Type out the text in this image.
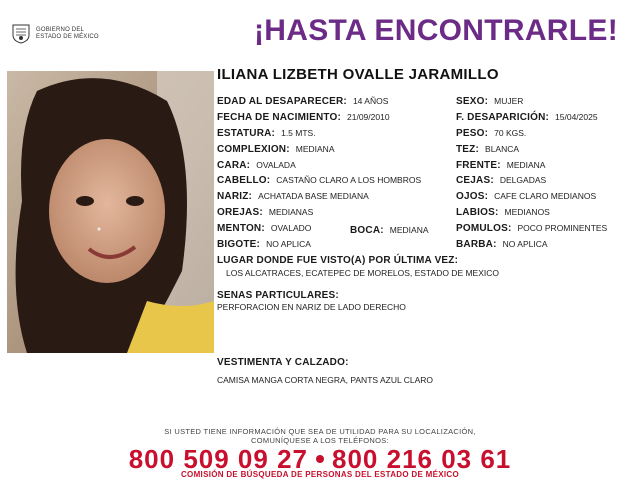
GOBIERNO DEL
ESTADO DE MÉXICO	¡HASTA ENCONTRARLE!
ILIANA LIZBETH OVALLE JARAMILLO
EDAD AL DESAPARECER: 14 AÑOS
FECHA DE NACIMIENTO: 21/09/2010
ESTATURA: 1.5 MTS.
COMPLEXION: MEDIANA
CARA: OVALADA
CABELLO: CASTAÑO CLARO A LOS HOMBROS
NARIZ: ACHATADA BASE MEDIANA
OREJAS: MEDIANAS
MENTON: OVALADO	BOCA: MEDIANA
BIGOTE: NO APLICA
SEXO: MUJER
F. DESAPARICIÓN: 15/04/2025
PESO: 70 KGS.
TEZ: BLANCA
FRENTE: MEDIANA
CEJAS: DELGADAS
OJOS: CAFE CLARO MEDIANOS
LABIOS: MEDIANOS
POMULOS: POCO PROMINENTES
BARBA: NO APLICA
LUGAR DONDE FUE VISTO(A) POR ÚLTIMA VEZ:
LOS ALCATRACES, ECATEPEC DE MORELOS, ESTADO DE MEXICO
SENAS PARTICULARES:
PERFORACION EN NARIZ DE LADO DERECHO
VESTIMENTA Y CALZADO:
CAMISA MANGA CORTA NEGRA, PANTS AZUL CLARO
SI USTED TIENE INFORMACIÓN QUE SEA DE UTILIDAD PARA SU LOCALIZACIÓN,
COMUNÍQUESE A LOS TELÉFONOS:
800 509 09 27 800 216 03 61
COMISIÓN DE BÚSQUEDA DE PERSONAS DEL ESTADO DE MÉXICO
